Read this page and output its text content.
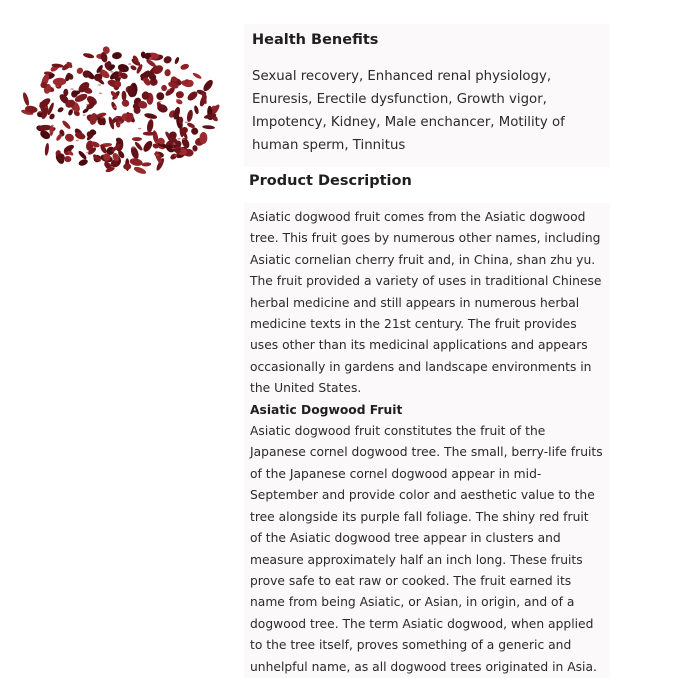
Health Benefits

Sexual recovery, Enhanced renal physiology, Enuresis, Erectile dysfunction, Growth vigor, Impotency, Kidney, Male enchancer, Motility of human sperm, Tinnitus

Product Description

Asiatic dogwood fruit comes from the Asiatic dogwood tree. This fruit goes by numerous other names, including Asiatic cornelian cherry fruit and, in China, shan zhu yu. The fruit provided a variety of uses in traditional Chinese herbal medicine and still appears in numerous herbal medicine texts in the 21st century. The fruit provides uses other than its medicinal applications and appears occasionally in gardens and landscape environments in the United States.

Asiatic Dogwood Fruit

Asiatic dogwood fruit constitutes the fruit of the Japanese cornel dogwood tree. The small, berry-life fruits of the Japanese cornel dogwood appear in mid-September and provide color and aesthetic value to the tree alongside its purple fall foliage. The shiny red fruit of the Asiatic dogwood tree appear in clusters and measure approximately half an inch long. These fruits prove safe to eat raw or cooked. The fruit earned its name from being Asiatic, or Asian, in origin, and of a dogwood tree. The term Asiatic dogwood, when applied to the tree itself, proves something of a generic and unhelpful name, as all dogwood trees originated in Asia.
